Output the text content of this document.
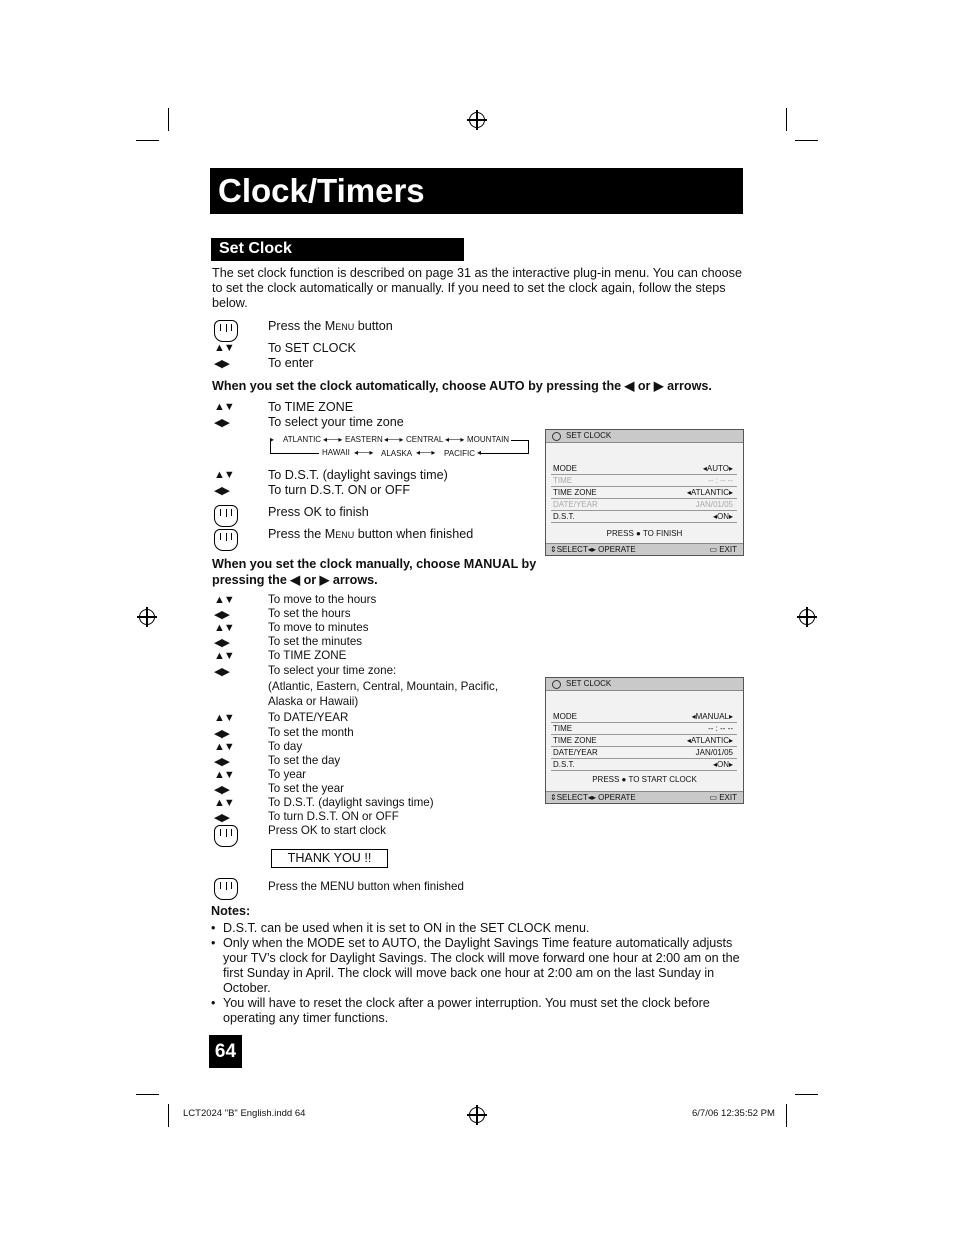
Clock/Timers
Set Clock
The set clock function is described on page 31 as the interactive plug-in menu. You can choose to set the clock automatically or manually. If you need to set the clock again, follow the steps below.
Press the Menu button
▲▼	To SET CLOCK
◀▶	To enter
When you set the clock automatically, choose AUTO by pressing the ◀ or ▶ arrows.
▲▼	To TIME ZONE
◀▶	To select your time zone
▸ ATLANTIC ◂──▸ EASTERN ◂──▸ CENTRAL ◂──▸ MOUNTAIN
HAWAII ◂──▸ ALASKA ◂──▸ PACIFIC ◂
▲▼	To D.S.T. (daylight savings time)
◀▶	To turn D.S.T. ON or OFF
Press OK to finish
Press the Menu button when finished
SET CLOCK
MODE	◂AUTO▸
TIME	-- : -- --
TIME ZONE	◂ATLANTIC▸
DATE/YEAR	JAN/01/05
D.S.T.	◂ON▸
PRESS ● TO FINISH
⇕SELECT◂▸ OPERATE	▭ EXIT
When you set the clock manually, choose MANUAL by
pressing the ◀ or ▶ arrows.
▲▼	To move to the hours
◀▶	To set the hours
▲▼	To move to minutes
◀▶	To set the minutes
▲▼	To TIME ZONE
◀▶	To select your time zone:
(Atlantic, Eastern, Central, Mountain, Pacific,
Alaska or Hawaii)
▲▼	To DATE/YEAR
◀▶	To set the month
▲▼	To day
◀▶	To set the day
▲▼	To year
◀▶	To set the year
▲▼	To D.S.T. (daylight savings time)
◀▶	To turn D.S.T. ON or OFF
Press OK to start clock
SET CLOCK
MODE	◂MANUAL▸
TIME	-- : -- --
TIME ZONE	◂ATLANTIC▸
DATE/YEAR	JAN/01/05
D.S.T.	◂ON▸
PRESS ● TO START CLOCK
⇕SELECT◂▸ OPERATE	▭ EXIT
THANK YOU !!
Press the MENU button when finished
Notes:
• D.S.T. can be used when it is set to ON in the SET CLOCK menu.
• Only when the MODE set to AUTO, the Daylight Savings Time feature automatically adjusts your TV’s clock for Daylight Savings. The clock will move forward one hour at 2:00 am on the first Sunday in April. The clock will move back one hour at 2:00 am on the last Sunday in October.
• You will have to reset the clock after a power interruption. You must set the clock before operating any timer functions.
64
LCT2024 "B" English.indd 64	6/7/06 12:35:52 PM
